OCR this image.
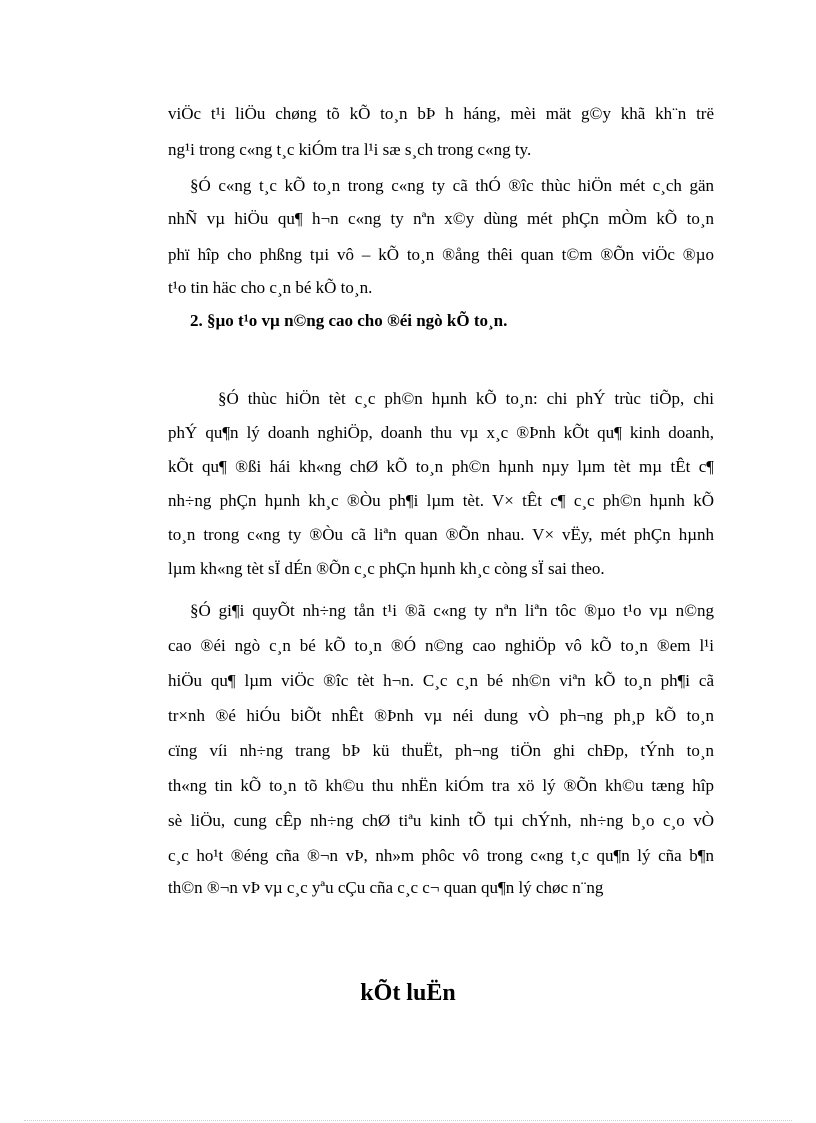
viÖc t¹i liÖu chøng tõ kÕ to¸n bÞ h háng, mèi mät g©y khã kh¨n trë
ng¹i trong c«ng t¸c kiÓm tra l¹i sæ s¸ch trong c«ng ty.
§Ó c«ng t¸c kÕ to¸n trong c«ng ty cã thÓ ®îc thùc hiÖn mét c¸ch gän
nhÑ vµ hiÖu qu¶ h¬n c«ng ty nªn x©y dùng mét phÇn mÒm kÕ to¸n
phï hîp cho phßng tµi vô – kÕ to¸n ®ång thêi quan t©m ®Õn viÖc ®µo
t¹o tin häc cho c¸n bé kÕ to¸n.
2. §µo t¹o vµ n©ng cao cho ®éi ngò kÕ to¸n.
§Ó thùc hiÖn tèt c¸c ph©n hµnh kÕ to¸n: chi phÝ trùc tiÕp, chi
phÝ qu¶n lý doanh nghiÖp, doanh thu vµ x¸c ®Þnh kÕt qu¶ kinh doanh,
kÕt qu¶ ®ßi hái kh«ng chØ kÕ to¸n ph©n hµnh nµy lµm tèt mµ tÊt c¶
nh÷ng phÇn hµnh kh¸c ®Òu ph¶i lµm tèt. V× tÊt c¶ c¸c ph©n hµnh kÕ
to¸n trong c«ng ty ®Òu cã liªn quan ®Õn nhau. V× vËy, mét phÇn hµnh
lµm kh«ng tèt sÏ dÉn ®Õn c¸c phÇn hµnh kh¸c còng sÏ sai theo.
§Ó gi¶i quyÕt nh÷ng tån t¹i ®ã c«ng ty nªn liªn tôc ®µo t¹o vµ n©ng
cao ®éi ngò c¸n bé kÕ to¸n ®Ó n©ng cao nghiÖp vô kÕ to¸n ®em l¹i
hiÖu qu¶ lµm viÖc ®îc tèt h¬n. C¸c c¸n bé nh©n viªn kÕ to¸n ph¶i cã
tr×nh ®é hiÓu biÕt nhÊt ®Þnh vµ néi dung vÒ ph¬ng ph¸p kÕ to¸n
cïng víi nh÷ng trang bÞ kü thuËt, ph¬ng tiÖn ghi chÐp, tÝnh to¸n
th«ng tin kÕ to¸n tõ kh©u thu nhËn kiÓm tra xö lý ®Õn kh©u tæng hîp
sè liÖu, cung cÊp nh÷ng chØ tiªu kinh tÕ tµi chÝnh, nh÷ng b¸o c¸o vÒ
c¸c ho¹t ®éng cña ®¬n vÞ, nh»m phôc vô trong c«ng t¸c qu¶n lý cña b¶n
th©n ®¬n vÞ vµ c¸c yªu cÇu cña c¸c c¬ quan qu¶n lý chøc n¨ng
kÕt luËn
